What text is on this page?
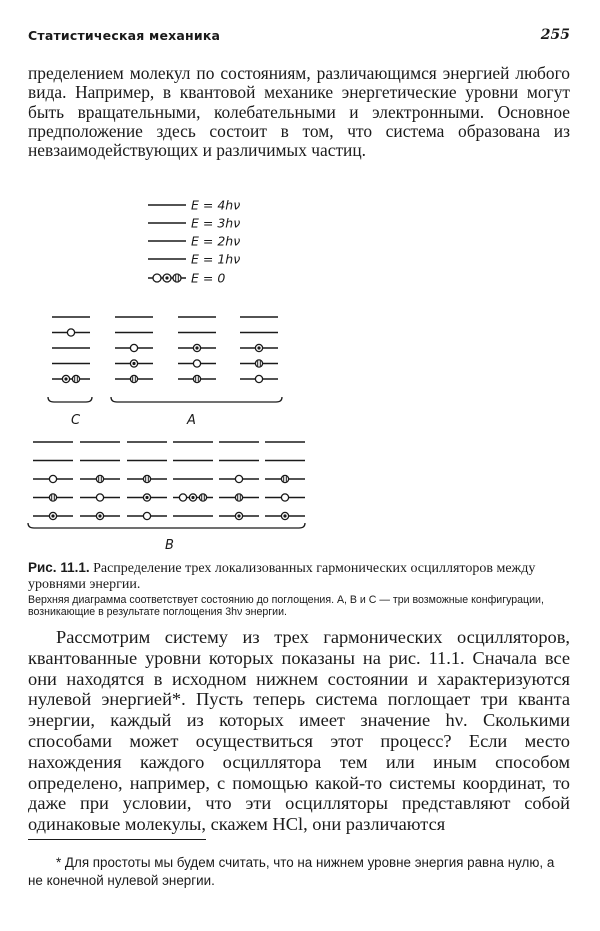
Статистическая механика	255

пределением молекул по состояниям, различающимся энергией любого вида. Например, в квантовой механике энергетические уровни могут быть вращательными, колебательными и электронными. Основное предположение здесь состоит в том, что система образована из невзаимодействующих и различимых частиц.

E = 4hν
E = 3hν
E = 2hν
E = 1hν
E = 0
C	A
B
Рис. 11.1. Распределение трех локализованных гармонических осцилляторов между уровнями энергии.
Верхняя диаграмма соответствует состоянию до поглощения. A, B и C — три возможные конфигурации, возникающие в результате поглощения 3hν энергии.

Рассмотрим систему из трех гармонических осцилляторов, квантованные уровни которых показаны на рис. 11.1. Сначала все они находятся в исходном нижнем состоянии и характеризуются нулевой энергией*. Пусть теперь система поглощает три кванта энергии, каждый из которых имеет значение hν. Сколькими способами может осуществиться этот процесс? Если место нахождения каждого осциллятора тем или иным способом определено, например, с помощью какой-то системы координат, то даже при условии, что эти осцилляторы представляют собой одинаковые молекулы, скажем HCl, они различаются

* Для простоты мы будем считать, что на нижнем уровне энергия равна нулю, а не конечной нулевой энергии.
